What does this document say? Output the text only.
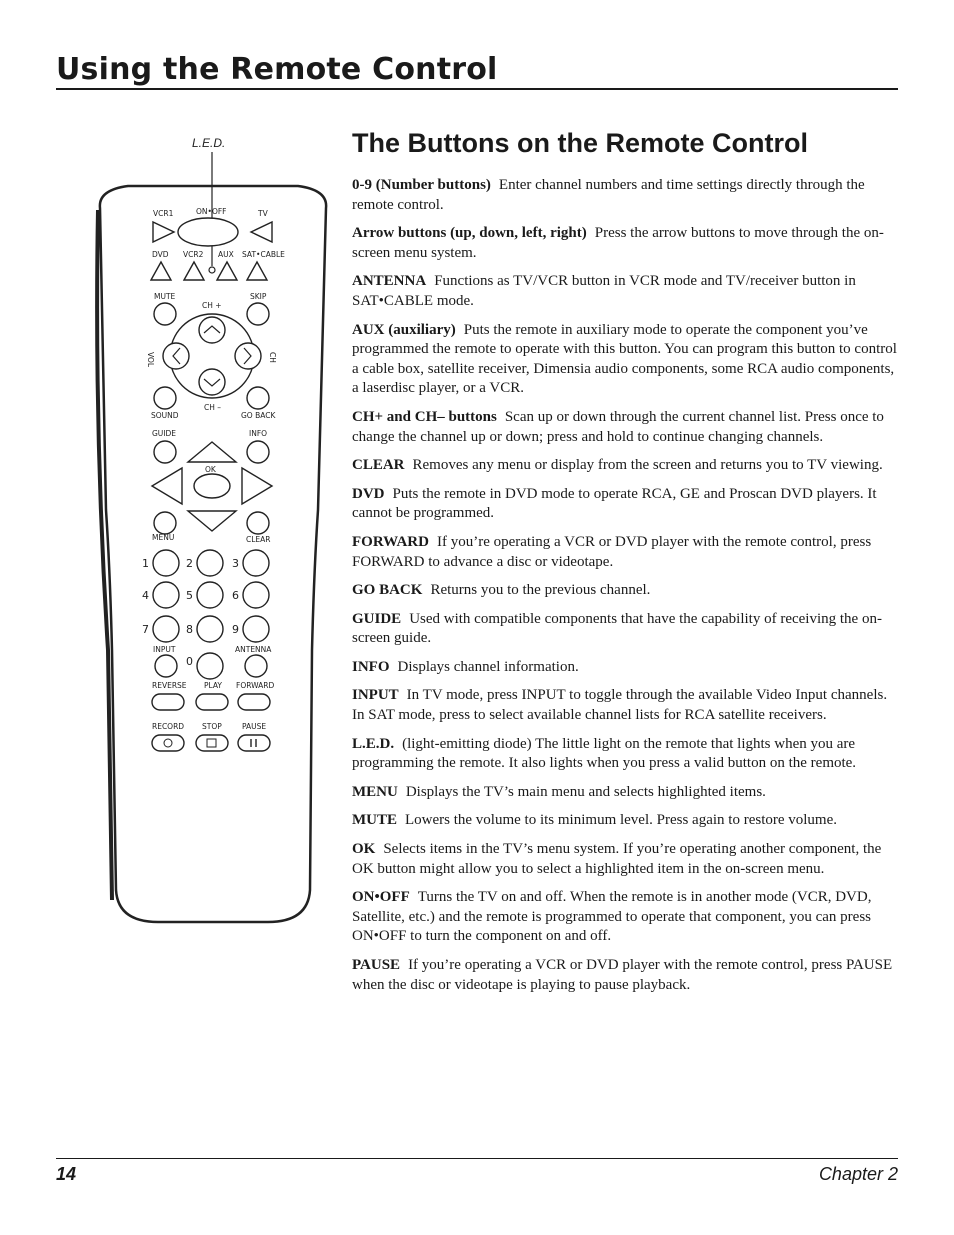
Using the Remote Control
L.E.D.
VCR1	ON•OFF	TV
DVD VCR2 AUX SAT•CABLE
MUTE
CH +
SKIP
VOL	CH
SOUND
CH –
GO BACK
GUIDE	INFO
OK
MENU	CLEAR
1	2	3
4	5	6
7	8	9
INPUT
0
ANTENNA
REVERSE PLAY FORWARD
RECORD STOP	PAUSE
The Buttons on the Remote Control

0-9 (Number buttons) Enter channel numbers and time settings directly through the remote control.

Arrow buttons (up, down, left, right) Press the arrow buttons to move through the on-screen menu system.

ANTENNA Functions as TV/VCR button in VCR mode and TV/receiver button in SAT•CABLE mode.

AUX (auxiliary) Puts the remote in auxiliary mode to operate the component you’ve programmed the remote to operate with this button. You can program this button to control a cable box, satellite receiver, Dimensia audio components, some RCA audio components, a laserdisc player, or a VCR.

CH+ and CH– buttons Scan up or down through the current channel list. Press once to change the channel up or down; press and hold to continue changing channels.

CLEAR Removes any menu or display from the screen and returns you to TV viewing.

DVD Puts the remote in DVD mode to operate RCA, GE and Proscan DVD players. It cannot be programmed.

FORWARD If you’re operating a VCR or DVD player with the remote control, press FORWARD to advance a disc or videotape.

GO BACK Returns you to the previous channel.

GUIDE Used with compatible components that have the capability of receiving the on-screen guide.

INFO Displays channel information.

INPUT In TV mode, press INPUT to toggle through the available Video Input channels. In SAT mode, press to select available channel lists for RCA satellite receivers.

L.E.D. (light-emitting diode) The little light on the remote that lights when you are programming the remote. It also lights when you press a valid button on the remote.

MENU Displays the TV’s main menu and selects highlighted items.

MUTE Lowers the volume to its minimum level. Press again to restore volume.

OK Selects items in the TV’s menu system. If you’re operating another component, the OK button might allow you to select a highlighted item in the on-screen menu.

ON•OFF Turns the TV on and off. When the remote is in another mode (VCR, DVD, Satellite, etc.) and the remote is programmed to operate that component, you can press ON•OFF to turn the component on and off.

PAUSE If you’re operating a VCR or DVD player with the remote control, press PAUSE when the disc or videotape is playing to pause playback.

14	Chapter 2
